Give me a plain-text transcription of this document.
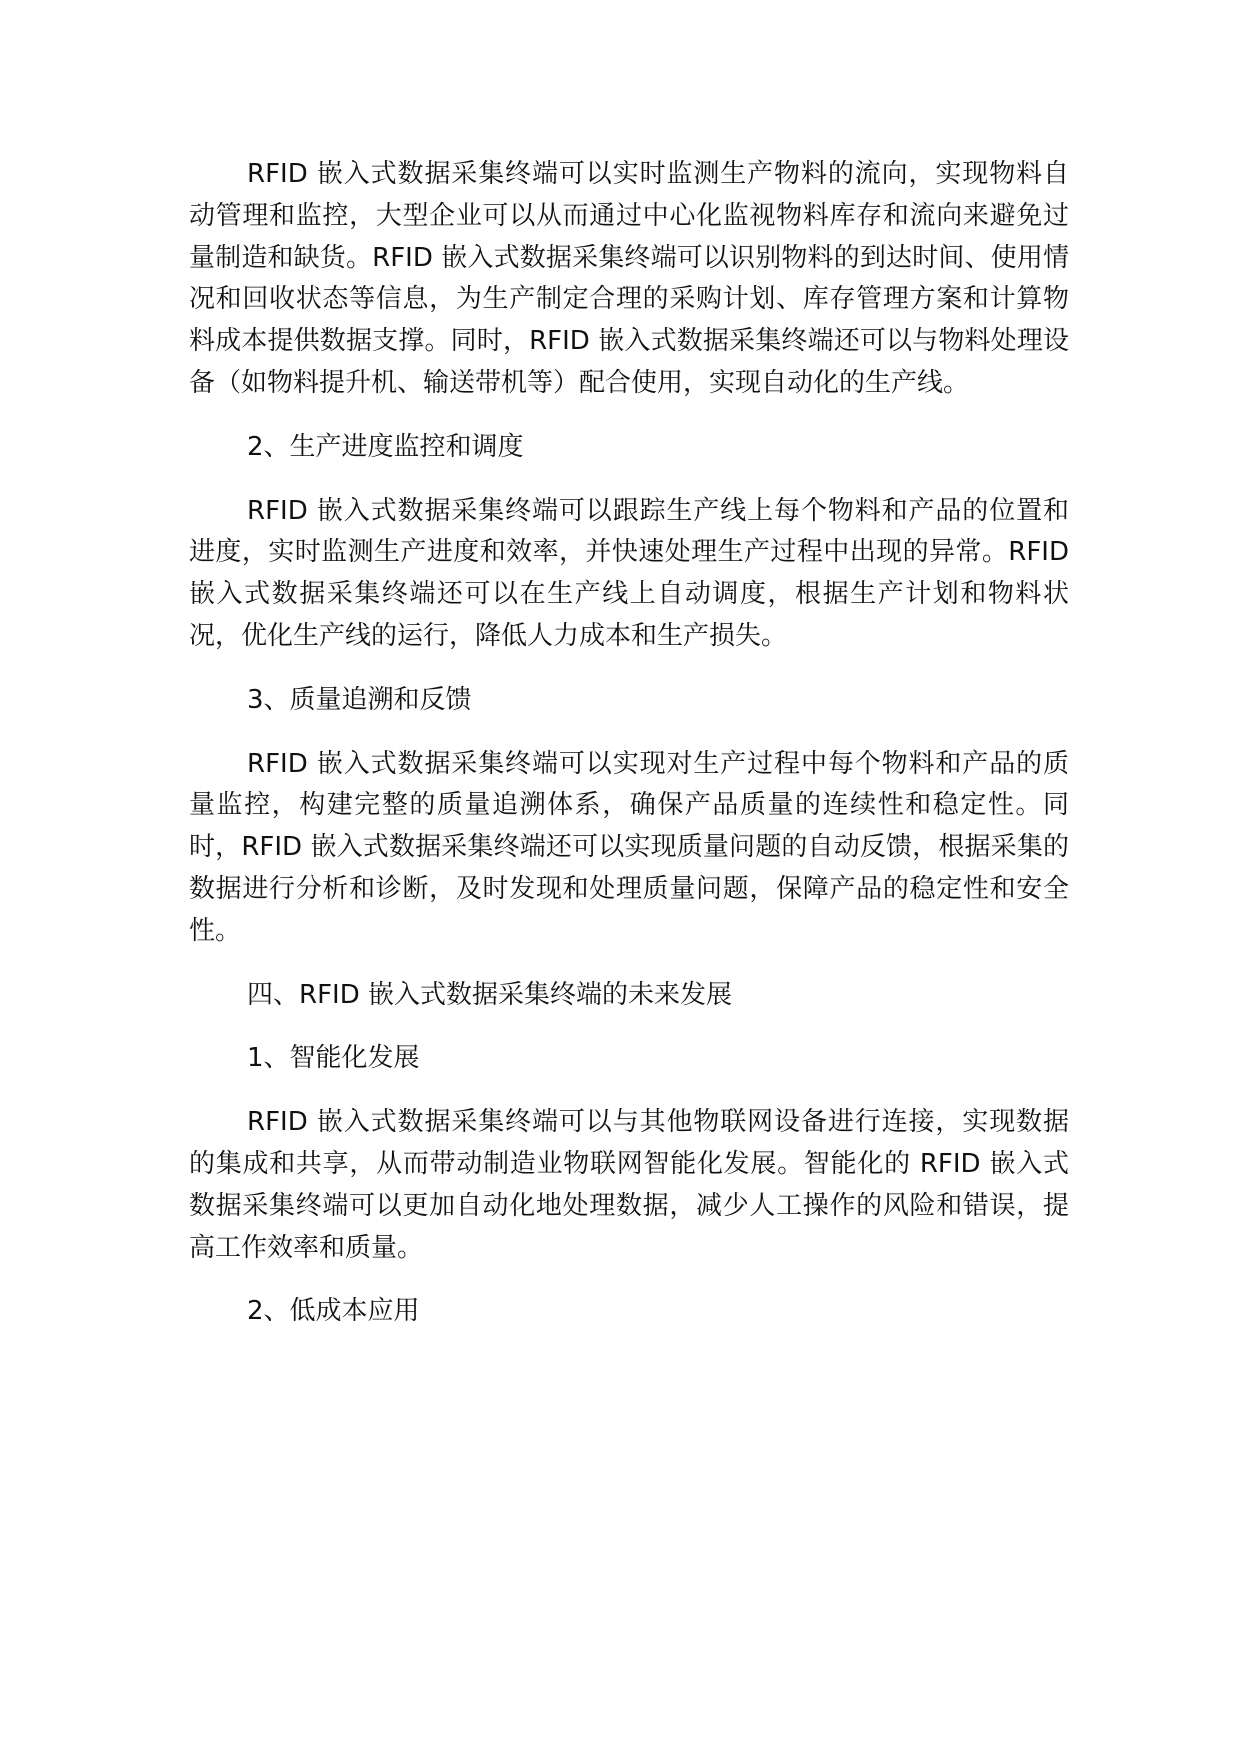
RFID 嵌入式数据采集终端可以实时监测生产物料的流向，实现物料自动管理和监控，大型企业可以从而通过中心化监视物料库存和流向来避免过量制造和缺货。RFID 嵌入式数据采集终端可以识别物料的到达时间、使用情况和回收状态等信息，为生产制定合理的采购计划、库存管理方案和计算物料成本提供数据支撑。同时，RFID 嵌入式数据采集终端还可以与物料处理设备（如物料提升机、输送带机等）配合使用，实现自动化的生产线。

2、生产进度监控和调度

RFID 嵌入式数据采集终端可以跟踪生产线上每个物料和产品的位置和进度，实时监测生产进度和效率，并快速处理生产过程中出现的异常。RFID 嵌入式数据采集终端还可以在生产线上自动调度，根据生产计划和物料状况，优化生产线的运行，降低人力成本和生产损失。

3、质量追溯和反馈

RFID 嵌入式数据采集终端可以实现对生产过程中每个物料和产品的质量监控，构建完整的质量追溯体系，确保产品质量的连续性和稳定性。同时，RFID 嵌入式数据采集终端还可以实现质量问题的自动反馈，根据采集的数据进行分析和诊断，及时发现和处理质量问题，保障产品的稳定性和安全性。

四、RFID 嵌入式数据采集终端的未来发展

1、智能化发展

RFID 嵌入式数据采集终端可以与其他物联网设备进行连接，实现数据的集成和共享，从而带动制造业物联网智能化发展。智能化的 RFID 嵌入式数据采集终端可以更加自动化地处理数据，减少人工操作的风险和错误，提高工作效率和质量。

2、低成本应用
